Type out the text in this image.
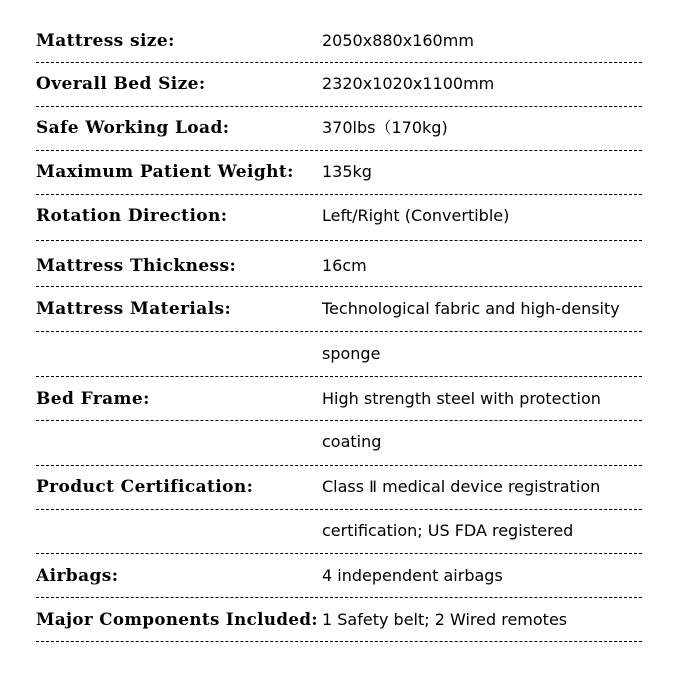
Mattress size:	2050x880x160mm
Overall Bed Size:	2320x1020x1100mm
Safe Working Load:	370lbs（170kg)
Maximum Patient Weight: 135kg
Rotation Direction:	Left/Right (Convertible)
Mattress Thickness:	16cm
Mattress Materials:	Technological fabric and high-density
sponge
Bed Frame:	High strength steel with protection
coating
Product Certification:	Class Ⅱ medical device registration
certification; US FDA registered
Airbags:	4 independent airbags
Major Components Included: 1 Safety belt; 2 Wired remotes
